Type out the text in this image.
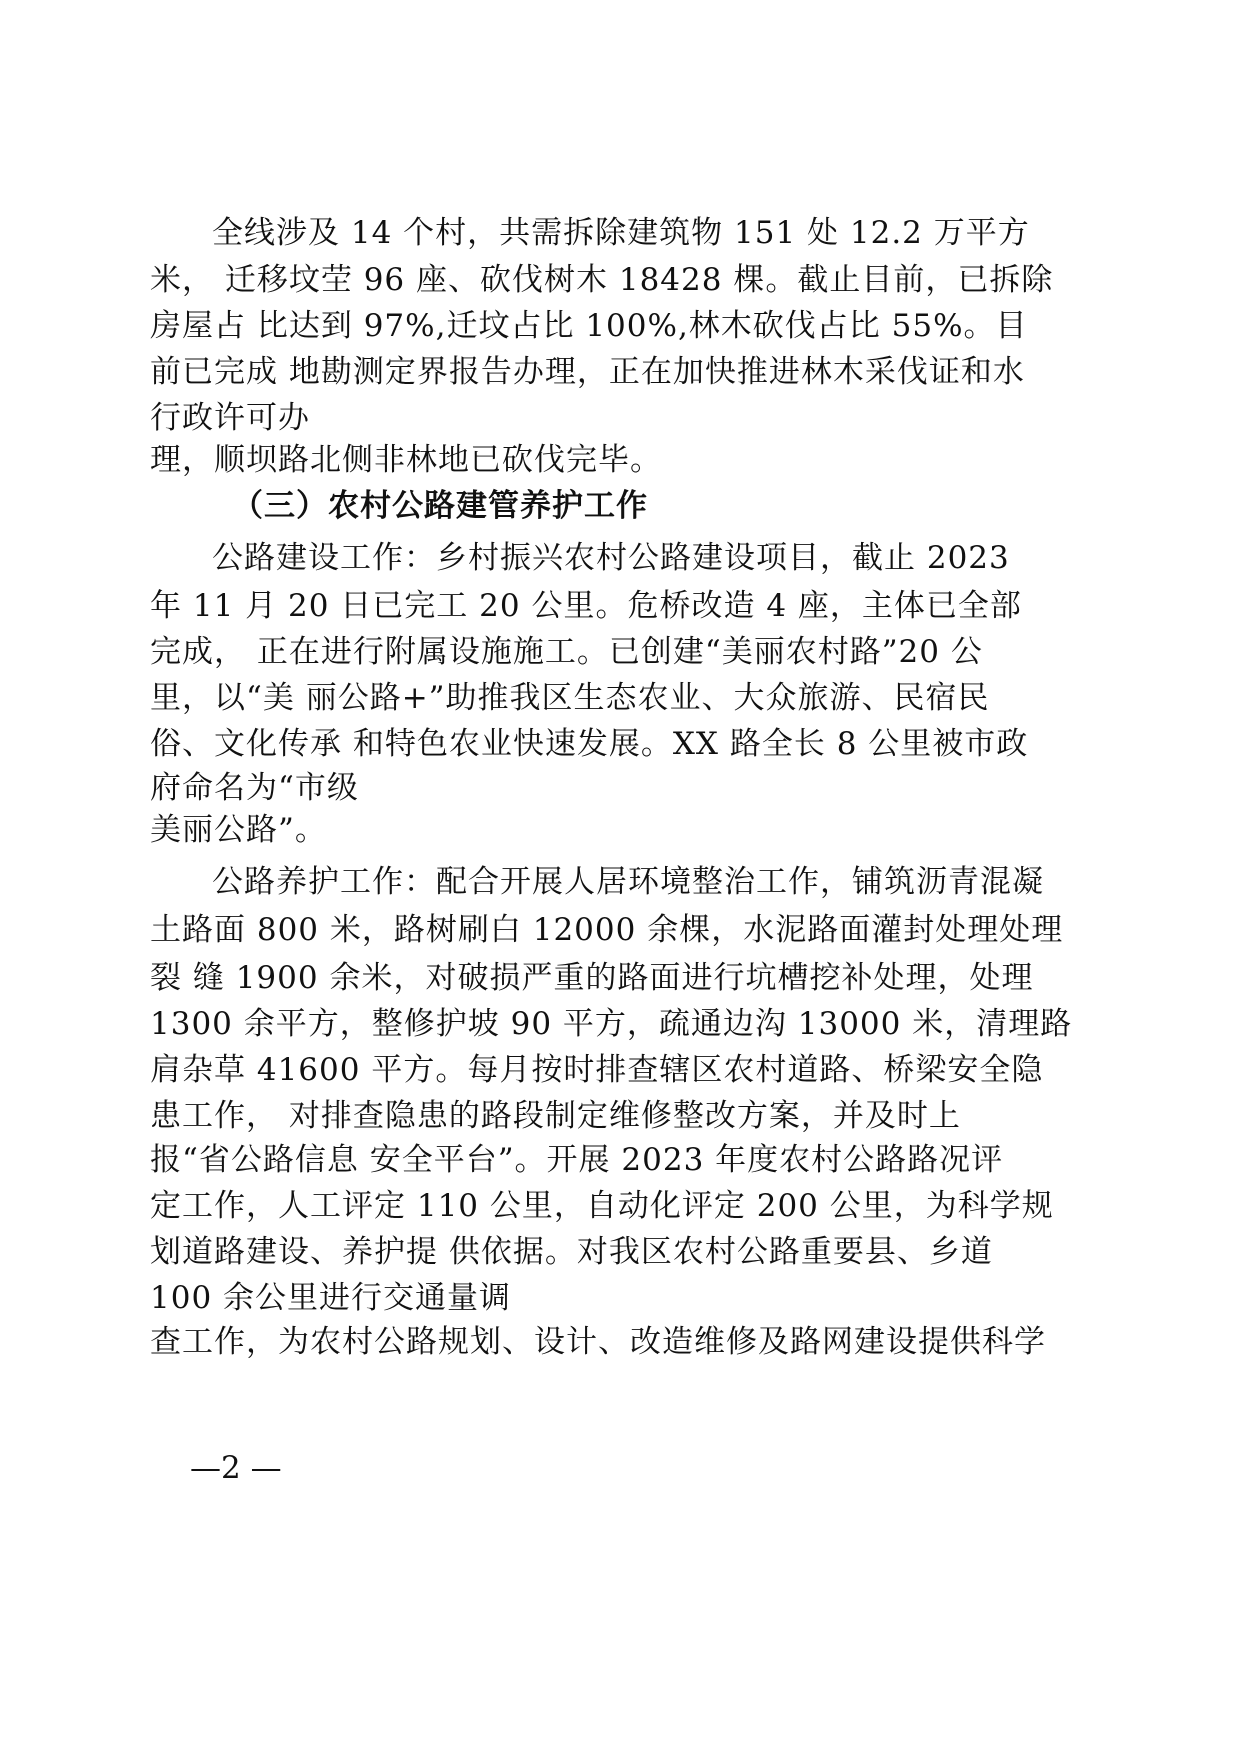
全线涉及 14 个村，共需拆除建筑物 151 处 12.2 万平方
米， 迁移坟茔 96 座、砍伐树木 18428 棵。截止目前，已拆除
房屋占 比达到 97%,迁坟占比 100%,林木砍伐占比 55%。目
前已完成 地勘测定界报告办理，正在加快推进林木采伐证和水
行政许可办
理，顺坝路北侧非林地已砍伐完毕。
（三）农村公路建管养护工作
公路建设工作：乡村振兴农村公路建设项目，截止 2023
年 11 月 20 日已完工 20 公里。危桥改造 4 座，主体已全部
完成， 正在进行附属设施施工。已创建“美丽农村路”20 公
里，以“美 丽公路+”助推我区生态农业、大众旅游、民宿民
俗、文化传承 和特色农业快速发展。XX 路全长 8 公里被市政
府命名为“市级
美丽公路”。
公路养护工作：配合开展人居环境整治工作，铺筑沥青混凝
土路面 800 米，路树刷白 12000 余棵，水泥路面灌封处理处理
裂 缝 1900 余米，对破损严重的路面进行坑槽挖补处理，处理
1300 余平方，整修护坡 90 平方，疏通边沟 13000 米，清理路
肩杂草 41600 平方。每月按时排查辖区农村道路、桥梁安全隐
患工作， 对排查隐患的路段制定维修整改方案，并及时上
报“省公路信息 安全平台”。开展 2023 年度农村公路路况评
定工作，人工评定 110 公里，自动化评定 200 公里，为科学规
划道路建设、养护提 供依据。对我区农村公路重要县、乡道
100 余公里进行交通量调
查工作，为农村公路规划、设计、改造维修及路网建设提供科学
—2 —
